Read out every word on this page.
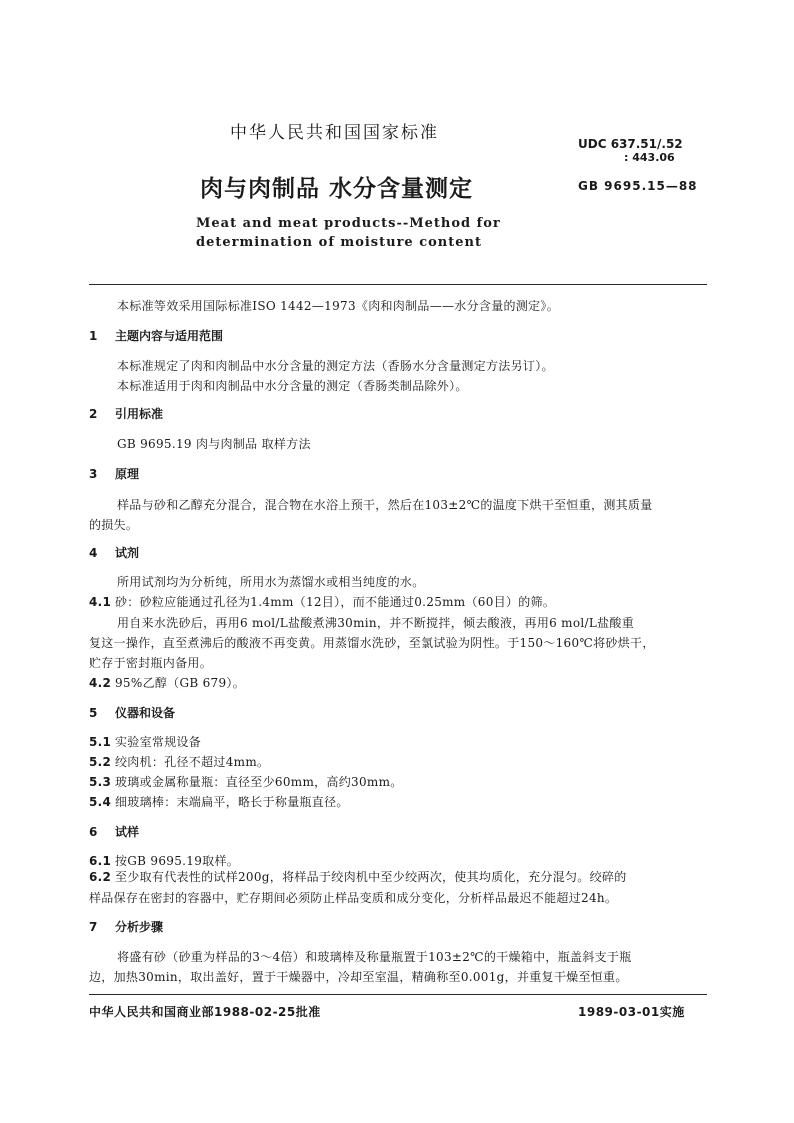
中华人民共和国国家标准
UDC 637.51/.52
: 443.06
肉与肉制品 水分含量测定	GB 9695.15—88
Meat and meat products--Method for
determination of moisture content
本标准等效采用国际标准ISO 1442—1973《肉和肉制品——水分含量的测定》。
1 主题内容与适用范围
本标准规定了肉和肉制品中水分含量的测定方法（香肠水分含量测定方法另订）。
本标准适用于肉和肉制品中水分含量的测定（香肠类制品除外）。
2 引用标准
GB 9695.19 肉与肉制品 取样方法
3 原理
样品与砂和乙醇充分混合，混合物在水浴上预干，然后在103±2℃的温度下烘干至恒重，测其质量
的损失。
4 试剂
所用试剂均为分析纯，所用水为蒸馏水或相当纯度的水。
4.1 砂：砂粒应能通过孔径为1.4mm（12目），而不能通过0.25mm（60目）的筛。
用自来水洗砂后，再用6 mol/L盐酸煮沸30min，并不断搅拌，倾去酸液，再用6 mol/L盐酸重
复这一操作，直至煮沸后的酸液不再变黄。用蒸馏水洗砂，至氯试验为阴性。于150～160℃将砂烘干，
贮存于密封瓶内备用。
4.2 95%乙醇（GB 679）。
5 仪器和设备
5.1 实验室常规设备
5.2 绞肉机：孔径不超过4mm。
5.3 玻璃或金属称量瓶：直径至少60mm，高约30mm。
5.4 细玻璃棒：末端扁平，略长于称量瓶直径。
6 试样
6.1 按GB 9695.19取样。
6.2 至少取有代表性的试样200g，将样品于绞肉机中至少绞两次，使其均质化，充分混匀。绞碎的
样品保存在密封的容器中，贮存期间必须防止样品变质和成分变化，分析样品最迟不能超过24h。
7 分析步骤
将盛有砂（砂重为样品的3～4倍）和玻璃棒及称量瓶置于103±2℃的干燥箱中，瓶盖斜支于瓶
边，加热30min，取出盖好，置于干燥器中，冷却至室温，精确称至0.001g，并重复干燥至恒重。
中华人民共和国商业部1988-02-25批准	1989-03-01实施
